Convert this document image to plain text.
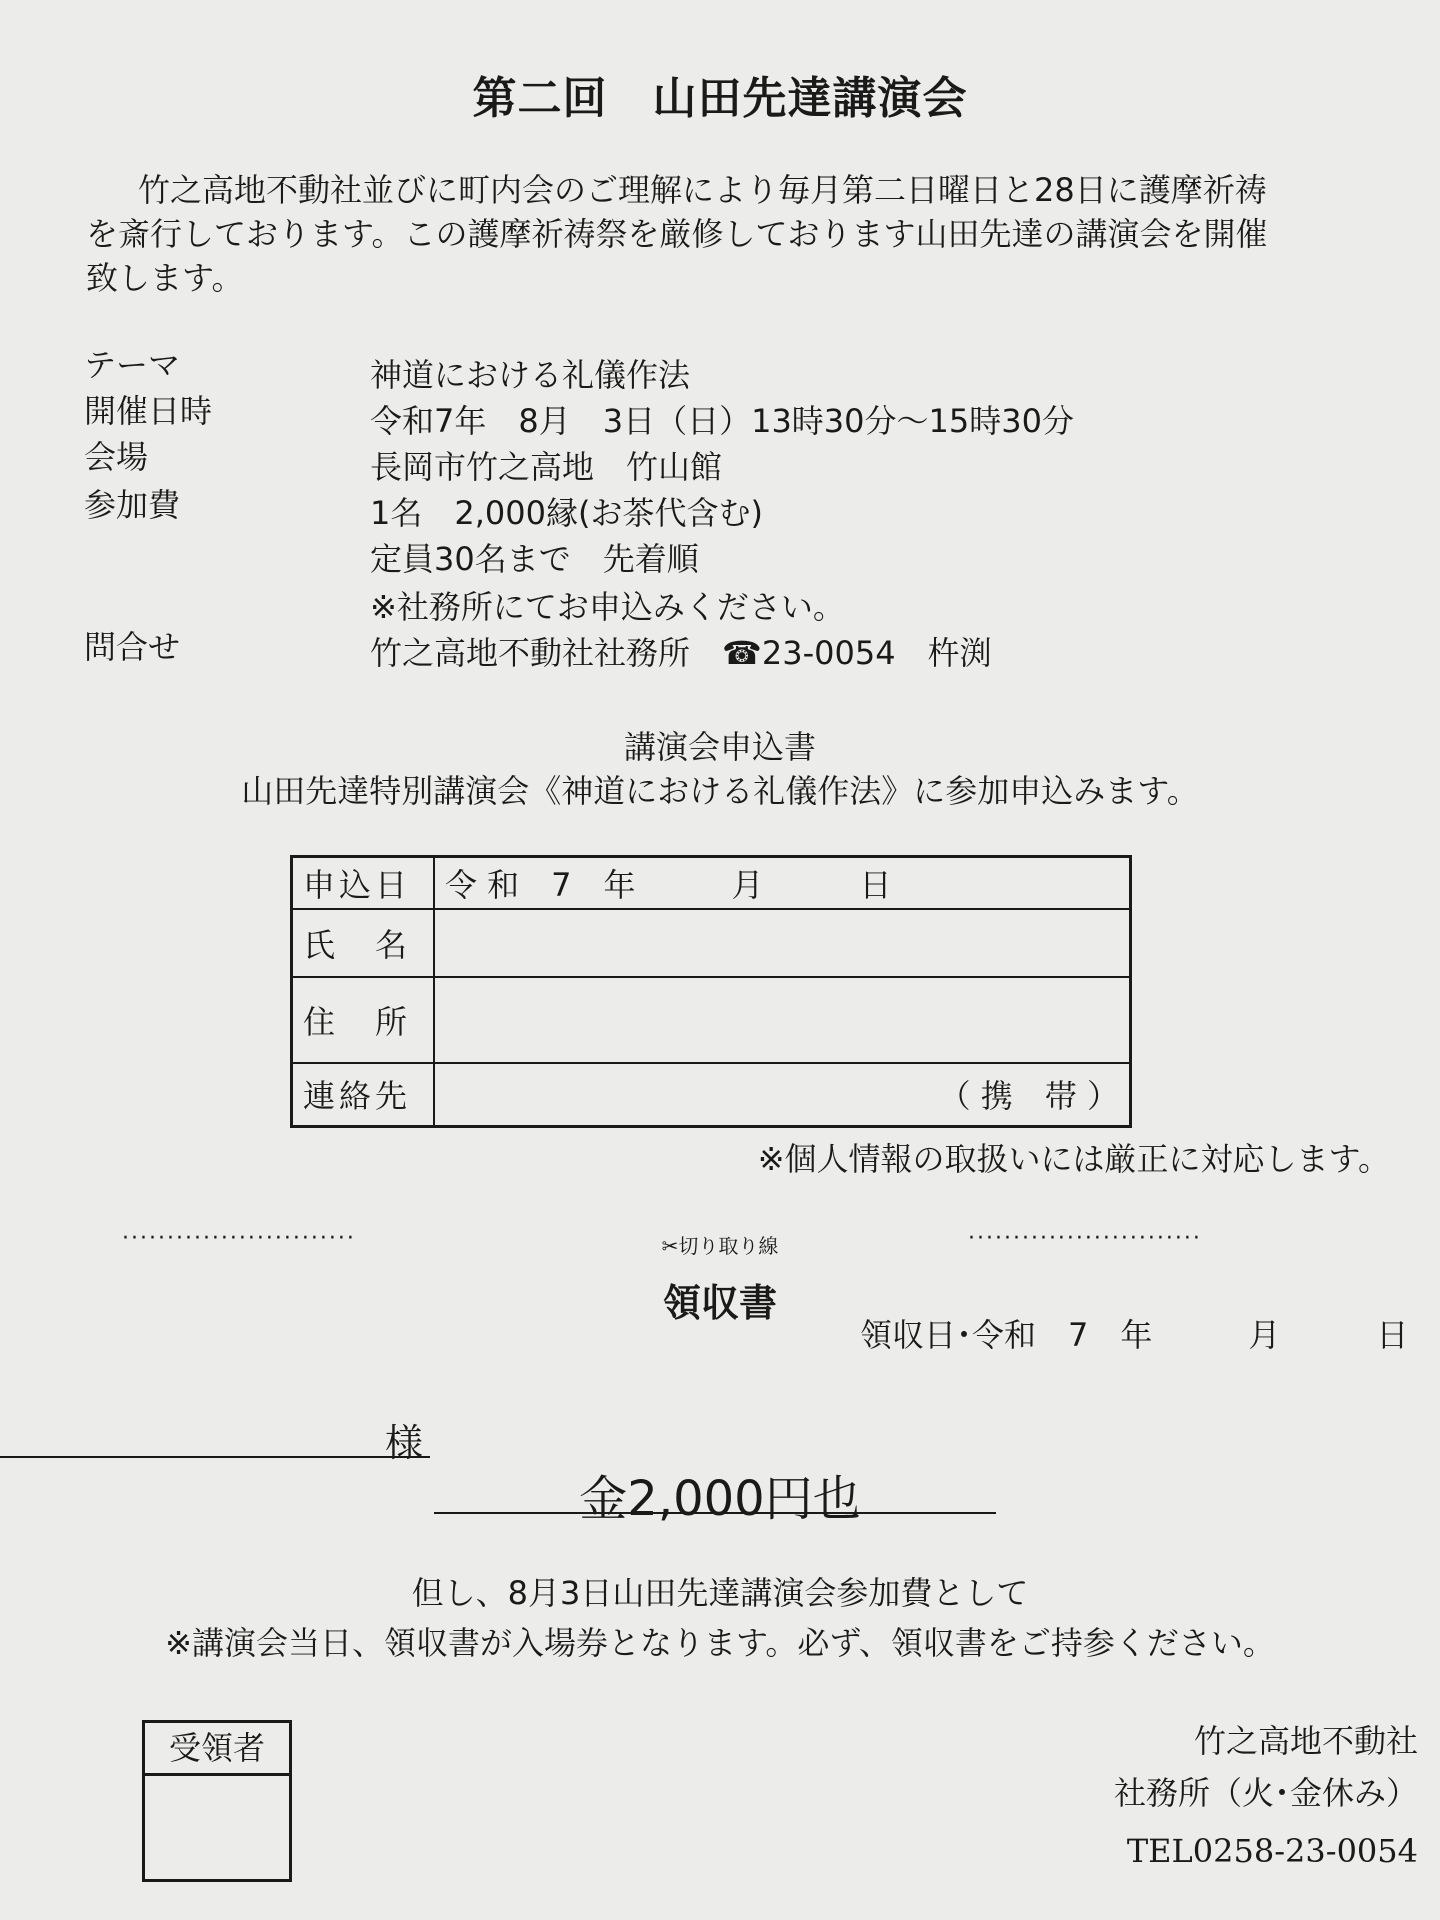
第二回　山田先達講演会
竹之高地不動社並びに町内会のご理解により毎月第二日曜日と28日に護摩祈祷を斎行しております。この護摩祈祷祭を厳修しております山田先達の講演会を開催致します。
テーマ	神道における礼儀作法
開催日時	令和7年　8月　3日（日）13時30分～15時30分
会場	長岡市竹之高地　竹山館
参加費	1名　2,000縁(お茶代含む)
定員30名まで　先着順
※社務所にてお申込みください。
問合せ	竹之高地不動社社務所　☎23-0054　杵渕
講演会申込書
山田先達特別講演会《神道における礼儀作法》に参加申込みます。
申込日	令 和　7　年　　　月　　　日
氏　名	
住　所	
連絡先	（ 携　帯 ）
※個人情報の取扱いには厳正に対応します。
··························	✂切り取り線	··························
領収書
領収日･令和　7　年　　　月　　　日
様
金2,000円也
但し、8月3日山田先達講演会参加費として
※講演会当日、領収書が入場券となります。必ず、領収書をご持参ください。
受領者	竹之高地不動社
社務所（火･金休み）
TEL0258-23-0054
